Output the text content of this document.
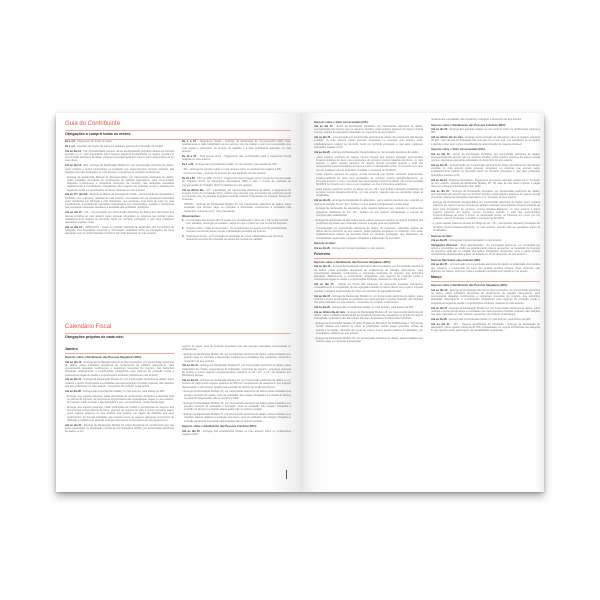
Guia do Contribuinte
Obrigações a cumprir todos os meses:

De 1 a 8 - Pagamento do fundo de caixa.

De 1 a 9 - Depósito de fundos de caixa em qualquer agência de instituição de crédito.

Até ao dia 10 - IVA - Periodicidade mensal - Envio da declaração periódica relativa ao imposto apurado no 2.º mês precedente pelos sujeitos passivos enquadrados no regime normal por transmissão eletrónica de dados (Internet) acompanhada dos anexos nela mencionados se for caso disso.

Até ao dia 15 - IRS - Entrega da Declaração Modelo 11, por transmissão eletrónica de dados, pelos notários e outros funcionários ou entidades que desempenhem funções notariais, das relações dos atos praticados no mês anterior, suscetíveis de produzir rendimentos.

- Entrega da Declaração Mensal de Remunerações, por transmissão eletrónica de dados, pelas entidades devedoras de rendimentos de trabalho dependente, para comunicação daqueles rendimentos e respetivas retenções de imposto, das deduções efetuadas relativamente a contribuições obrigatórias para regimes de proteção social e subsistemas legais de saúde e a quotizações sindicais, relativas ao mês anterior.

Até ao 15.º dia útil - Reporte ao Banco de Portugal do COPE - Comunicação de Operações e Posições com o Exterior, relativas ao mês anterior, executadas com as transações efetuadas entre residentes em Portugal e não residentes, que envolvam uma troca de valor ou uma transferência, à exceção de operações relacionadas com deslocações, estadas e transportes que constituam despesas auxiliares à atividade das entidades residentes.

Até ao dia 15 - IVA - Comunicação por transmissão eletrónica de dados dos elementos das faturas emitidas no mês anterior pelas pessoas singulares ou coletivas que tenham sede, estabelecimento estável ou domicílio fiscal em território português e que aqui pratiquem operações sujeitas a IVA.

Até ao dia 15 - INTRASTAT - Envio ao Instituto Nacional de Estatística dos formulários de Chegada e/ou Expedição contendo a informação estatística sobre as transações de bens efetuadas com os outros Estados-membros da União Europeia no mês anterior.

De 1 a 10 - Segurança Social - Entrega da declaração de remunerações (DR) onde, relativamente a cada trabalhador ao seu serviço, tem de indicar o valor da remuneração que está sujeita a descontos, os tempos de trabalho e a taxa contributiva aplicável, no mês anterior.

De 10 a 20 - Taxa Social Única - Pagamento das contribuições para a Segurança Social relativas ao mês anterior.

De 1 a 20 - Entrega das importâncias retidas, no mês anterior, para efeitos de IRS.

- IRC - Entrega do imposto retido no mês anterior sobre os rendimentos sujeitos a IRC.

- Imposto do Selo - Entrega do imposto do selo liquidado no mês anterior.

De 10 a 20 - FCT ou (ME) e FGCT - Pagamento das entregas para o Fundo de Compensação do Trabalho (FCT) ou Mecanismo Equivalente (ME) e para o Fundo de Garantia de Compensação do Trabalho (FGCT) relativas ao mês anterior.

Até ao último dia - IUC - Liquidação, por transmissão eletrónica de dados, e pagamento do Imposto Único de Circulação (IUC), relativo aos veículos cujo aniversário da matrícula ocorra no presente mês. As pessoas singulares poderão solicitar a liquidação em qualquer Serviço de Finanças.

- IRS/IRC - Entrega da Declaração Modelo 30, por transmissão eletrónica de dados, pelas entidades que tenham pago ou colocado à disposição rendimentos a entidades não residentes, referente ao 2.º mês precedente.

Observações:
1. Na indicação dos prazos não foi levado em consideração o facto de o último dia coincidir com sábados, domingos ou feriados, casos em que o prazo termina no dia útil seguinte.
2. Imposto sobre o Valor Acrescentado - Os contribuintes do regime normal (periodicidade mensal e trimestral) devem enviar a declaração periódica via Internet.
3. Segurança Social - Comunicação de admissão de novos trabalhadores até 24 horas anteriores ao início da produção de efeitos do contrato de trabalho.
Calendário Fiscal
Obrigações próprias de cada mês:
Janeiro
Imposto sobre o Rendimento das Pessoas Singulares (IRS):

Até ao dia 10 - Entrega da Declaração Mensal de Remunerações, por transmissão eletrónica de dados, pelas entidades devedoras de rendimentos de trabalho dependente, para comunicação daqueles rendimentos e respetivas retenções de imposto, das deduções efetuadas relativamente a contribuições obrigatórias para regimes de proteção social e subsistemas legais de saúde e a quotizações sindicais, relativas ao mês anterior.

Até ao dia 15 - Entrega da Declaração Modelo 11, por transmissão eletrónica de dados, pelos notários e outros funcionários ou entidades que desempenhem funções notariais, das relações dos atos praticados no mês anterior, suscetíveis de produzir rendimentos.

Até ao dia 20 - Entrega das importâncias retidas, no mês anterior, para efeitos do IRS.

- Entrega, aos sujeitos passivos, pelas devedoras de rendimentos obrigados à retenção total ou parcial do imposto, de documento comprovativo das importâncias pagas no ano anterior, do imposto retido na fonte e das deduções a que, eventualmente, tenha havido lugar.

- Entrega, aos sujeitos passivos, pelas instituições de crédito e companhias de seguros dos documentos comprovativos de juros, prémios de seguros de vida e outros encargos pagos pelos sujeitos passivos no ano anterior que possam ser objeto de dedução aos seus rendimentos. As demais entidades que recebam juros ou paguem despesas suscetíveis de dedução ou abatimento deverão entregar documento comprovativo de tais pagamentos.

Até ao dia 31 - Entrega da Declaração Modelo 10, pelas devedoras de rendimentos que não forem declarados na declaração mensal de remunerações (DMR), por transmissão eletrónica de dados ou em

suporte de papel, para as pessoas singulares que não exerçam atividades empresariais ou profissionais.

- Entrega da Declaração Modelo 30, por transmissão eletrónica de dados, pelas entidades que tenham pago ou colocado à disposição rendimentos a entidades não residentes, referente a novembro do ano anterior.

Até ao dia 31 - Entrega da Declaração Modelo 37, por transmissão eletrónica de dados, pelas instituições de crédito, cooperativas de habitação, empresas de seguros, empresas gestoras de fundos e outros regimes complementares referidos no art.º 16.º e 21.º do Estatuto dos Benefícios Fiscais.

Até ao dia 31 - Entrega da Declaração Modelo 44, por transmissão eletrónica de dados ou em suporte de papel pelos sujeitos passivos de IRS com rendimentos da categoria F que estejam dispensados e não tenham optado pela emissão de recibos de renda eletrónicos.

- Entrega da Declaração Modelo 45, por transmissão eletrónica de dados pelas entidades que prestem serviços de saúde, caso as entidades não estejam obrigadas à emissão de faturas ou estando dispensadas não as tenham emitido.

- Entrega da Declaração Modelo 46, por transmissão eletrónica de dados pelas entidades que prestem serviços de educação e formação, caso as entidades não estejam obrigadas à emissão de faturas ou estando dispensadas não as tenham emitido.

- Entrega da Declaração Modelo 47, por transmissão eletrónica de dados, pelas entidades que recebam valores relativos a encargos com lares, caso as entidades não estejam obrigadas à emissão de faturas ou estando dispensadas não as tenham emitido.

Imposto sobre o Rendimento das Pessoas Coletivas (IRC):

Até ao dia 20 - Entrega das importâncias retidas no mês anterior sobre os rendimentos sujeitos a IRC.

Imposto sobre o Valor Acrescentado (IVA):

Até ao dia 10 - Envio da Declaração Periódica, por transmissão eletrónica de dados, acompanhada dos anexos que se mostrem devidos, pelos sujeitos passivos do regime normal mensal, relativa às operações efetuadas em novembro do ano anterior.

Até ao dia 15 - Comunicação por transmissão eletrónica de dados dos elementos das faturas emitidas no mês anterior pelas pessoas singulares ou coletivas que tenham sede, estabelecimento estável ou domicílio fiscal em território português e que aqui pratiquem operações sujeitas a IVA.

Até ao dia 20 - Entrega da Declaração Recapitulativa por transmissão eletrónica de dados:

- pelos sujeitos passivos do regime normal mensal que tenham efetuado transmissões intracomunitárias de bens e/ou prestações de serviços noutros Estados-Membros, no mês anterior, e pelos sujeitos passivos do regime normal trimestral quando o total das transmissões intracomunitárias de bens a incluir na declaração tenha, no trimestre em curso (ou em qualquer mês do trimestre), excedido o montante de 50.000 €.

- pelos sujeitos passivos do regime normal trimestral que tenham efetuado transmissões intracomunitárias de bens e/ou prestações de serviços noutros Estados-Membros, no trimestre anterior, e que o montante das transmissões intracomunitárias não tenha excedido 50.000 € no trimestre em curso ou em qualquer um dos 4 trimestres anteriores.

- pelos sujeitos passivos isentos ao abrigo do art.º 53.º, que tenham efetuado prestações de serviços noutros Estados-Membros, no mês anterior, quando nele as operações sejam aí localizadas.

Até ao dia 31 - Entrega da declaração de alterações, pelos sujeitos passivos que, estando no regime de isenção do art.º 53.º, tenham no ano anterior ultrapassado o limite legal.

- Entrega da declaração de alterações pelos sujeitos passivos que, estando no regime dos pequenos retalhistas do art.º 60.º, tenham no ano anterior ultrapassado o volume de compras nele estabelecido.

- Entrega da declaração de alterações pelos sujeitos passivos sujeitos ao regime forfetário dos produtores agrícolas que pretendam exercer a opção pela sua aplicação.

- Comunicação por transmissão eletrónica de dados, do inventário valorizado relativo ao último dia do exercício do ano anterior, pelas pessoas singulares ou coletivas, com sede, estabelecimento estável ou domicílio fiscal em território português, que disponham de contabilidade organizada e estejam obrigadas à elaboração do inventário.

Imposto do Selo:

Até ao dia 20 - Entrega do imposto liquidado no mês anterior.

Fevereiro
Imposto sobre o Rendimento das Pessoas Singulares (IRS):

Até ao dia 10 - Entrega da Declaração Mensal de Remunerações, por transmissão eletrónica de dados, pelas entidades devedoras de rendimentos de trabalho dependente, para comunicação daqueles rendimentos e respetivas retenções de imposto, das deduções efetuadas relativamente a contribuições obrigatórias para regimes de proteção social e subsistemas legais de saúde e a quotizações sindicais, relativas ao mês anterior.

Até ao dia 15 - Indicar no Portal das Finanças os elementos pessoais relevantes, nomeadamente a composição do seu agregado familiar no último dia do ano a que o imposto respeite, mediante autenticação de todos os membros do agregado familiar.

Até ao dia 15 - Entrega da Declaração Modelo 11, por transmissão eletrónica de dados, pelos notários e outros funcionários ou entidades que desempenhem funções notariais, das relações dos atos praticados no mês anterior, suscetíveis de produzir rendimentos.

Até ao dia 20 - Entrega das importâncias retidas, no mês anterior, para efeitos de IRS.

Até ao último dia do mês - Entrega da Declaração Modelo 25, por transmissão eletrónica de dados, pelas entidades beneficiárias de donativos fiscalmente relevantes no âmbito do regime consagrado no Estatuto dos Benefícios Fiscais e do Estatuto do Mecenato Científico.

- Entrega da Declaração Modelo 43 pelos Órgãos do Ministério da Solidariedade e Segurança Social, relativa aos valores de todas as prestações sociais pagas (pensões, bolsas de estudo e formação, subsídios de renda de casa e outros apoios públicos à habitação), por beneficiário, relativas ao ano anterior.

- Entrega da Declaração Modelo 39, por transmissão eletrónica de dados, pelas entidades que tenham pago ou colocado à disposição

rendimentos a entidades não residentes, referente a dezembro do ano anterior.

Imposto sobre o Rendimento das Pessoas Coletivas (IRC):

Até ao dia 20 - Entrega das quantias retidas no mês anterior sobre os rendimentos sujeitos a IRC.

Até ao último dia do mês - Entrega da Declaração de Alterações para os sujeitos passivos de IRC, cujo período de tributação não coincida com o ano civil, que verifiquem as condições e queiram optar pelo regime simplificado de determinação do matéria coletável.

Imposto sobre o Valor Acrescentado (IVA):

Até ao dia 10 - Envio da Declaração Periódica, por transmissão eletrónica de dados, acompanhada dos anexos que se mostrem devidos, pelos sujeitos passivos do regime normal mensal, relativa às operações efetuadas em dezembro do ano anterior.

Até ao dia 15 - Comunicação por transmissão eletrónica de dados dos elementos das faturas emitidas no mês anterior pelas pessoas singulares ou coletivas que tenham sede, estabelecimento estável ou domicílio fiscal em território português e que aqui pratiquem operações sujeitas a IVA.

Até ao dia 15 - Regimes Periódicos - Pagamento do imposto apurado, relativo ao 4.º trimestre do ano anterior, através da declaração Modelo P2. No caso de não haver imposto a pagar deve ser entregue a declaração mod. 1093.

Até ao dia 15 - Entrega da Declaração Periódica, por transmissão eletrónica de dados, acompanhada dos anexos que se mostrem devidos, pelos sujeitos passivos do regime normal trimestral, relativa às operações efetuadas no 4.º trimestre do ano anterior.

- Entrega da Declaração Recapitulativa por transmissão eletrónica de dados pelos sujeitos passivos do regime normal mensal que tenham efetuado transmissões intracomunitárias de bens e/ou prestações de serviços noutros Estados-Membros, no mês anterior e pelos sujeitos passivos do regime normal trimestral quando o total das transmissões intracomunitárias de bens a incluir na declaração tenha, no trimestre em curso (ou em qualquer mês do trimestre), excedido o montante de 50.000 €.

- e, pelos sujeitos passivos isentos ao abrigo do art.º 53.º, que tenham efetuado prestações de serviços noutros Estados-Membros, no mês anterior, quando nele as operações sejam aí localizadas.

Imposto do Selo:

Até ao dia 20 - Entrega do imposto liquidado no mês anterior.

Obrigações Diversas - Bens abandonados - As sociedades anónimas, em comandita por ações e instituições de crédito ou parabancárias devem apresentar na repartição de finanças do respetivo sede até um relação das ações, obrigações, dividendos, juros e outros valores considerados abandonados a favor do Estado em 31 de dezembro do ano anterior.

Imposto Municipal sobre Imóveis (IMI):

Até ao dia 15 - Comunicação por transmissão eletrónica de dados ou titularidade dos prédios que integram o consumidor de bens dos prédios prédios urbanos (fixos urbanos), não definidos na viatura, tendo em vista a avaliação municipal com efeitos a 1 de janeiro.

Março
Imposto sobre o Rendimento das Pessoas Singulares (IRS):

Até ao dia 10 - Entrega da Declaração Mensal de Remunerações, por transmissão eletrónica de dados, pelas entidades devedoras de rendimentos de trabalho dependente, para comunicação daqueles rendimentos e respetivas retenções de imposto, das deduções efetuadas relativamente a contribuições obrigatórias para regimes de proteção social e subsistemas legais de saúde e a quotizações sindicais, relativas ao mês anterior.

Até ao dia 15 - Entrega da Declaração Modelo 11, por transmissão eletrónica de dados, pelos notários e outros funcionários ou entidades que desempenhem funções notariais, das relações dos atos praticados no mês anterior, suscetíveis de produzir rendimentos.

Até ao dia 20 - Entrega das importâncias retidas, no mês anterior, para efeitos de IRS.

Até ao dia 31 - IRS - Regime simplificado de tributação - Entrega da declaração de alterações, pelos sujeitos passivos de IRS, enquadrados no regime simplificado da categoria B, que queiram optar pelo regime da contabilidade organizada.
